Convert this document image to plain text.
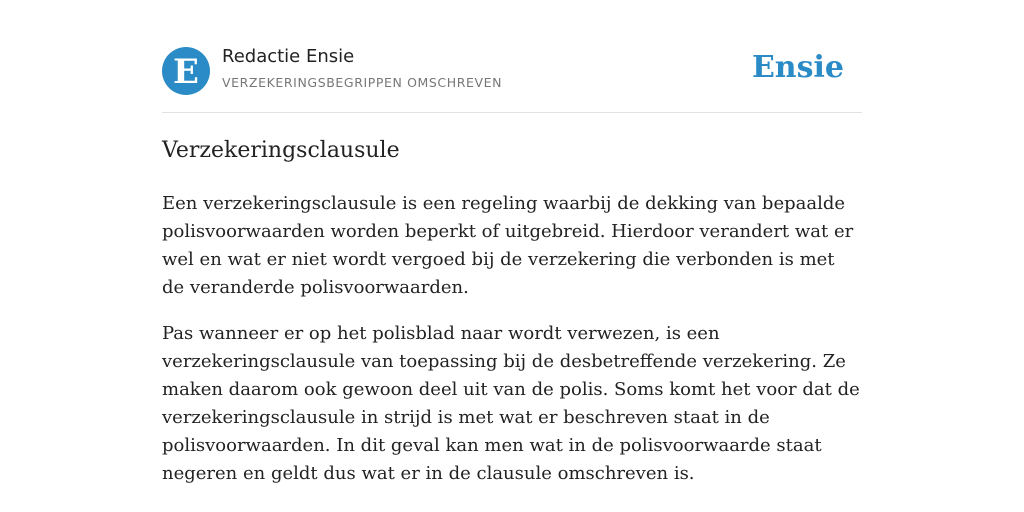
E Redactie Ensie
VERZEKERINGSBEGRIPPEN OMSCHREVEN	Ensie
Verzekeringsclausule

Een verzekeringsclausule is een regeling waarbij de dekking van bepaalde polisvoorwaarden worden beperkt of uitgebreid. Hierdoor verandert wat er wel en wat er niet wordt vergoed bij de verzekering die verbonden is met de veranderde polisvoorwaarden.

Pas wanneer er op het polisblad naar wordt verwezen, is een verzekeringsclausule van toepassing bij de desbetreffende verzekering. Ze maken daarom ook gewoon deel uit van de polis. Soms komt het voor dat de verzekeringsclausule in strijd is met wat er beschreven staat in de polisvoorwaarden. In dit geval kan men wat in de polisvoorwaarde staat negeren en geldt dus wat er in de clausule omschreven is.
